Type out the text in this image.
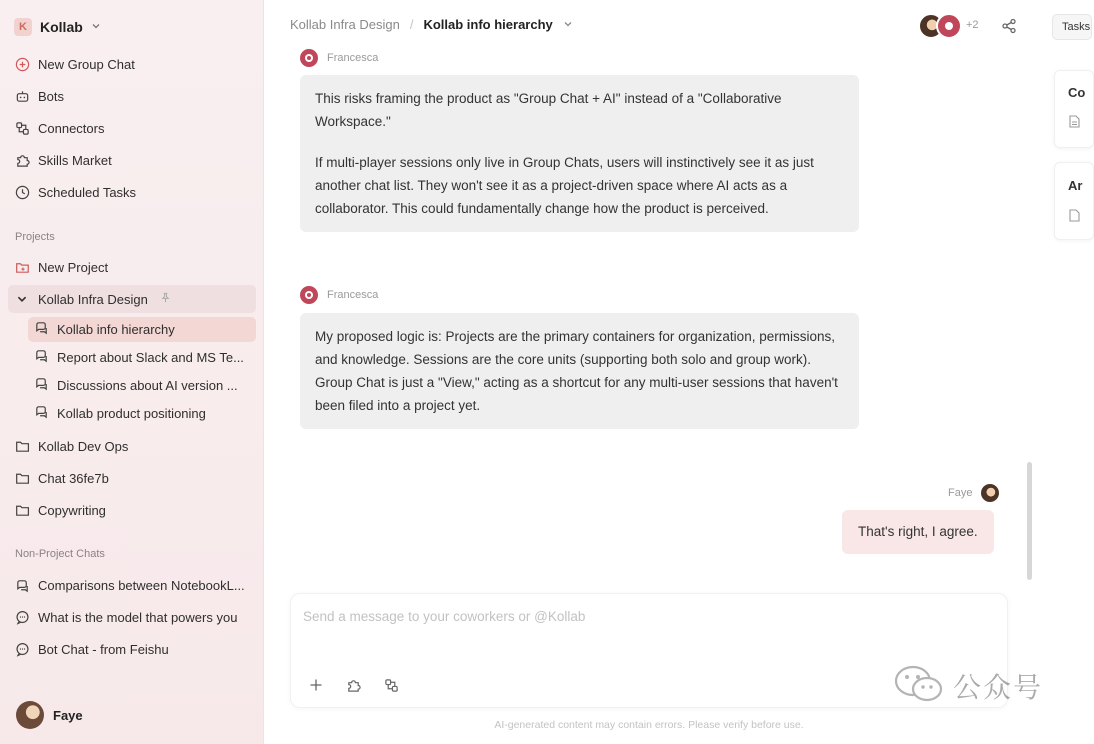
K Kollab
New Group Chat
Bots
Connectors
Skills Market
Scheduled Tasks
Projects
New Project
Kollab Infra Design
Kollab info hierarchy
Report about Slack and MS Te...
Discussions about AI version ...
Kollab product positioning
Kollab Dev Ops
Chat 36fe7b
Copywriting
Non-Project Chats
Comparisons between NotebookL...
What is the model that powers you
Bot Chat - from Feishu
Faye
Kollab Infra Design / Kollab info hierarchy	+2	Tasks
Francesca

This risks framing the product as "Group Chat + AI" instead of a "Collaborative Workspace."

If multi-player sessions only live in Group Chats, users will instinctively see it as just another chat list. They won't see it as a project-driven space where AI acts as a collaborator. This could fundamentally change how the product is perceived.

Francesca

My proposed logic is: Projects are the primary containers for organization, permissions, and knowledge. Sessions are the core units (supporting both solo and group work). Group Chat is just a "View," acting as a shortcut for any multi-user sessions that haven't been filed into a project yet.

Faye
That's right, I agree.
Send a message to your coworkers or @Kollab
AI-generated content may contain errors. Please verify before use.
Co
Ar
公众号
